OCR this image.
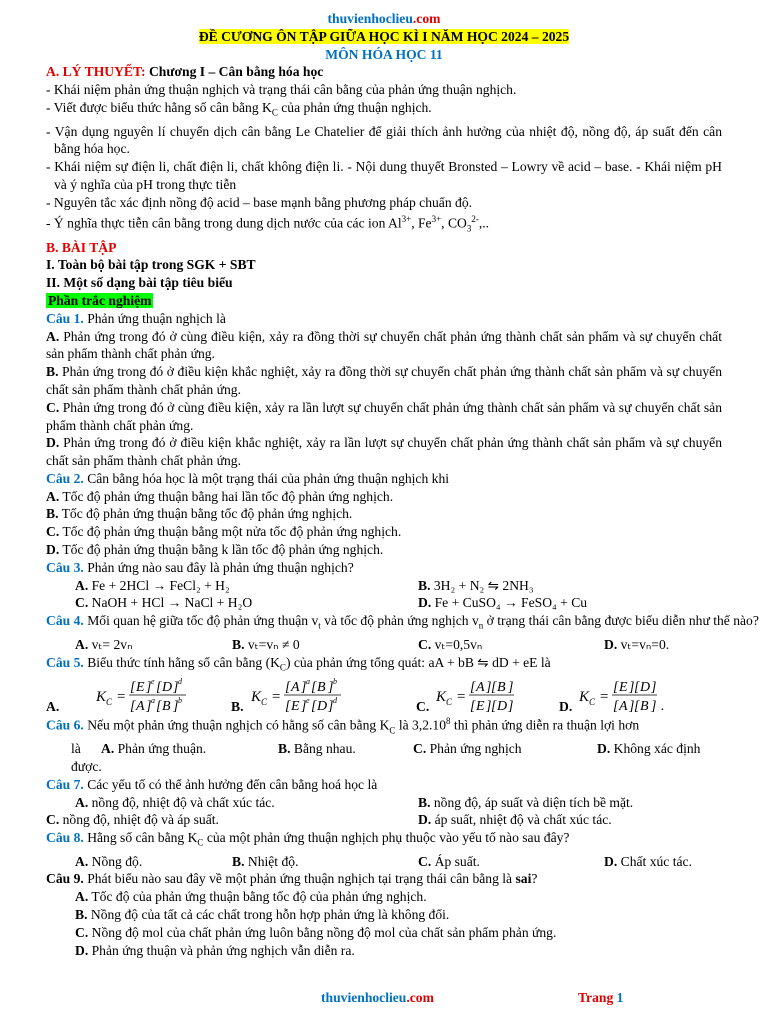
thuvienhoclieu.com
ĐỀ CƯƠNG ÔN TẬP GIỮA HỌC KÌ I NĂM HỌC 2024 – 2025
MÔN HÓA HỌC 11
A. LÝ THUYẾT: Chương I – Cân bằng hóa học
- Khái niệm phản ứng thuận nghịch và trạng thái cân bằng của phản ứng thuận nghịch.
- Viết được biểu thức hằng số cân bằng $K_C$ của phản ứng thuận nghịch.
- Vận dụng nguyên lí chuyển dịch cân bằng Le Chatelier để giải thích ảnh hưởng của nhiệt độ, nồng độ, áp suất đến cân bằng hóa học.
- Khái niệm sự điện li, chất điện li, chất không điện li. - Nội dung thuyết Bronsted – Lowry về acid – base. - Khái niệm pH và ý nghĩa của pH trong thực tiễn
- Nguyên tắc xác định nồng độ acid – base mạnh bằng phương pháp chuẩn độ.
- Ý nghĩa thực tiễn cân bằng trong dung dịch nước của các ion $Al^{3+}$, $Fe^{3+}$, $CO_3^{2-}$,..
B. BÀI TẬP
I. Toàn bộ bài tập trong SGK + SBT
II. Một số dạng bài tập tiêu biểu
Phần trắc nghiệm
Câu 1. Phản ứng thuận nghịch là
A. Phản ứng trong đó ở cùng điều kiện, xảy ra đồng thời sự chuyển chất phản ứng thành chất sản phẩm và sự chuyển chất sản phẩm thành chất phản ứng.
B. Phản ứng trong đó ở điều kiện khắc nghiệt, xảy ra đồng thời sự chuyển chất phản ứng thành chất sản phẩm và sự chuyển chất sản phẩm thành chất phản ứng.
C. Phản ứng trong đó ở cùng điều kiện, xảy ra lần lượt sự chuyển chất phản ứng thành chất sản phẩm và sự chuyển chất sản phẩm thành chất phản ứng.
D. Phản ứng trong đó ở điều kiện khắc nghiệt, xảy ra lần lượt sự chuyển chất phản ứng thành chất sản phẩm và sự chuyển chất sản phẩm thành chất phản ứng.
Câu 2. Cân bằng hóa học là một trạng thái của phản ứng thuận nghịch khi
A. Tốc độ phản ứng thuận bằng hai lần tốc độ phản ứng nghịch.
B. Tốc độ phản ứng thuận bằng tốc độ phản ứng nghịch.
C. Tốc độ phản ứng thuận bằng một nửa tốc độ phản ứng nghịch.
D. Tốc độ phản ứng thuận bằng k lần tốc độ phản ứng nghịch.
Câu 3. Phản ứng nào sau đây là phản ứng thuận nghịch?
A. Fe + 2HCl → FeCl₂ + H₂	B. 3H₂ + N₂ ⇋ 2NH₃
C. NaOH + HCl → NaCl + H₂O	D. Fe + CuSO₄ → FeSO₄ + Cu
Câu 4. Mối quan hệ giữa tốc độ phản ứng thuận $v_t$ và tốc độ phản ứng nghịch $v_n$ ở trạng thái cân bằng được biểu diễn như thế nào?
A. vₜ= 2vₙ	B. vₜ=vₙ ≠ 0	C. vₜ=0,5vₙ	D. vₜ=vₙ=0.
Câu 5. Biểu thức tính hằng số cân bằng $(K_C)$ của phản ứng tổng quát: aA + bB ⇋ dD + eE là
A.
K C =
[ E ] e [ D ] d
[ A ] a [ B ] b	B.
K C =
[ A ] a [ B ] b
[ E ] e [ D ] d	C.
K C =
[ A ] [ B ]
[ E ] [ D ]	D.
K C =
[ E ] [ D ]
[ A ] [ B ] .
Câu 6. Nếu một phản ứng thuận nghịch có hằng số cân bằng $K_C$ là 3,2.10$^8$ thì phản ứng diễn ra thuận lợi hơn
là	A. Phản ứng thuận.	B. Bằng nhau.	C. Phản ứng nghịch	D. Không xác định
được.
Câu 7. Các yếu tố có thể ảnh hưởng đến cân bằng hoá học là
A. nồng độ, nhiệt độ và chất xúc tác.	B. nồng độ, áp suất và diện tích bề mặt.
C. nồng độ, nhiệt độ và áp suất.	D. áp suất, nhiệt độ và chất xúc tác.
Câu 8. Hằng số cân bằng $K_C$ của một phản ứng thuận nghịch phụ thuộc vào yếu tố nào sau đây?
A. Nồng độ.	B. Nhiệt độ.	C. Áp suất.	D. Chất xúc tác.
Câu 9. Phát biểu nào sau đây về một phản ứng thuận nghịch tại trạng thái cân bằng là sai?
A. Tốc độ của phản ứng thuận bằng tốc độ của phản ứng nghịch.
B. Nồng độ của tất cả các chất trong hỗn hợp phản ứng là không đổi.
C. Nồng độ mol của chất phản ứng luôn bằng nồng độ mol của chất sản phẩm phản ứng.
D. Phản ứng thuận và phản ứng nghịch vẫn diễn ra.
thuvienhoclieu.com	Trang 1
